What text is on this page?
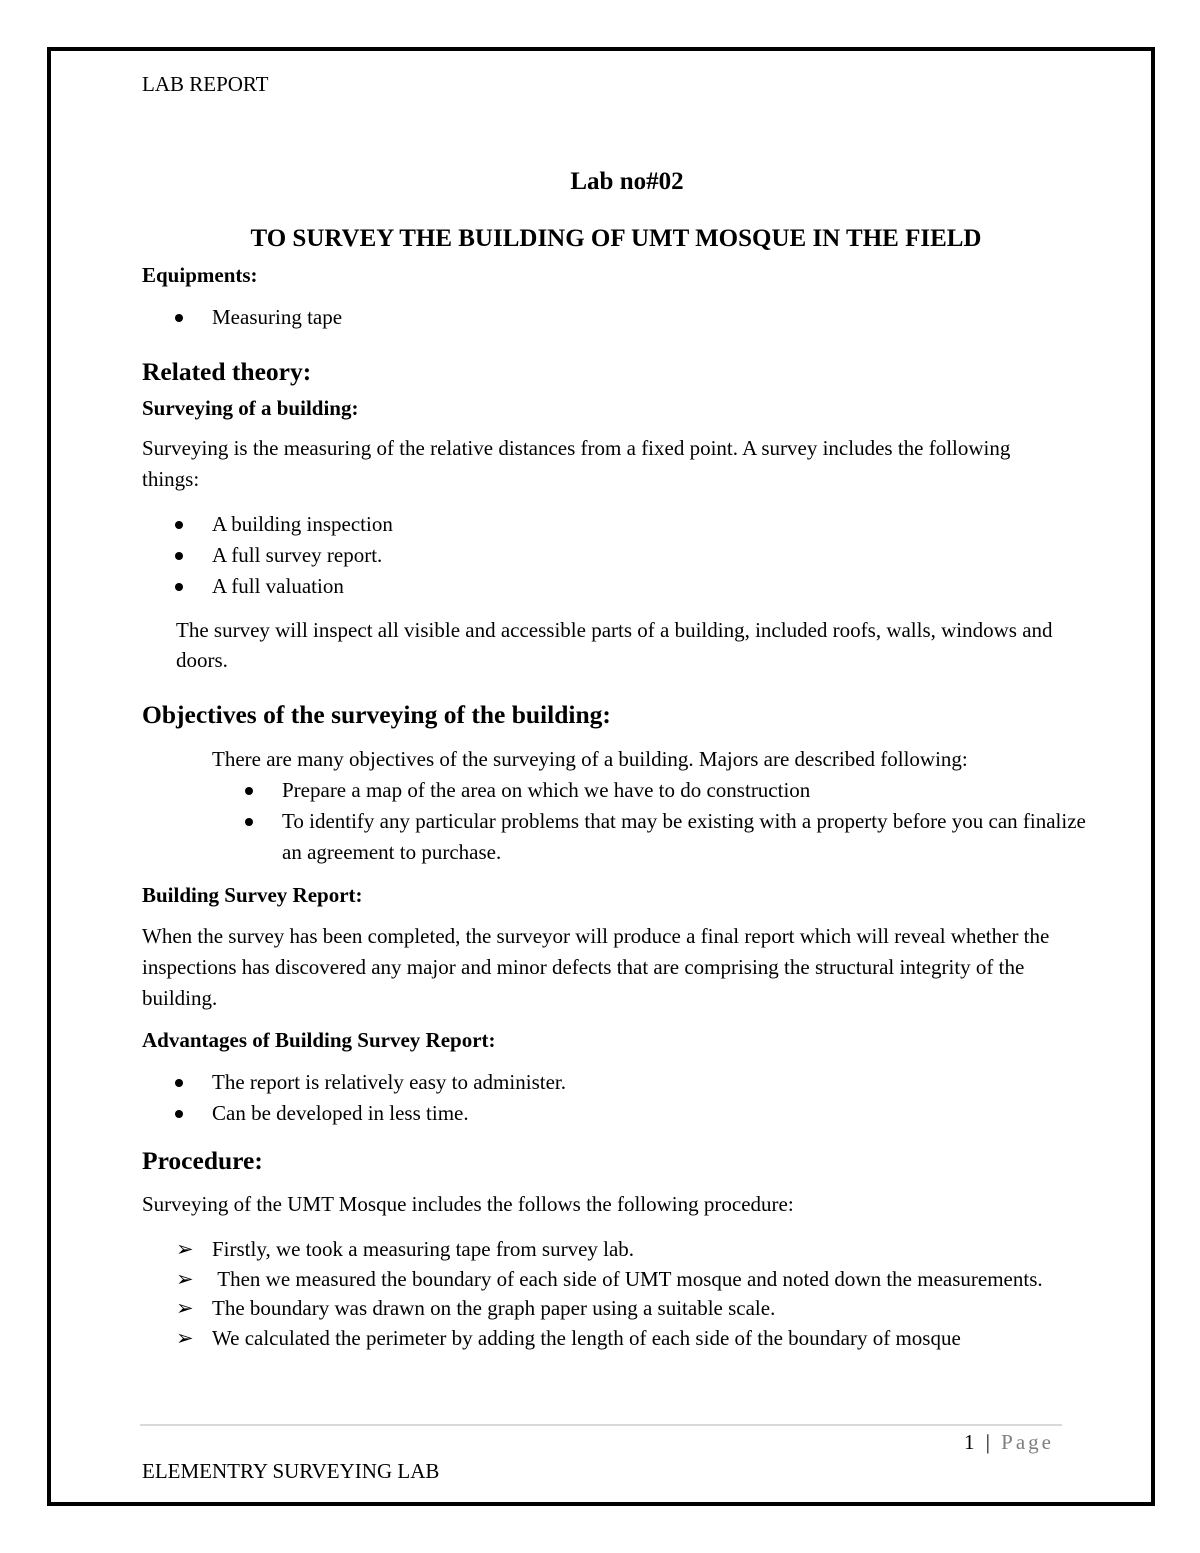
LAB REPORT
Lab no#02
TO SURVEY THE BUILDING OF UMT MOSQUE IN THE FIELD
Equipments:
Measuring tape
Related theory:
Surveying of a building:
Surveying is the measuring of the relative distances from a fixed point. A survey includes the following things:
A building inspection
A full survey report.
A full valuation
The survey will inspect all visible and accessible parts of a building, included roofs, walls, windows and doors.
Objectives of the surveying of the building:
There are many objectives of the surveying of a building. Majors are described following:
Prepare a map of the area on which we have to do construction
To identify any particular problems that may be existing with a property before you can finalize an agreement to purchase.
Building Survey Report:
When the survey has been completed, the surveyor will produce a final report which will reveal whether the inspections has discovered any major and minor defects that are comprising the structural integrity of the building.
Advantages of Building Survey Report:
The report is relatively easy to administer.
Can be developed in less time.
Procedure:
Surveying of the UMT Mosque includes the follows the following procedure:
➢ Firstly, we took a measuring tape from survey lab.
➢ Then we measured the boundary of each side of UMT mosque and noted down the measurements.
➢ The boundary was drawn on the graph paper using a suitable scale.
➢ We calculated the perimeter by adding the length of each side of the boundary of mosque
1 | Page
ELEMENTRY SURVEYING LAB
